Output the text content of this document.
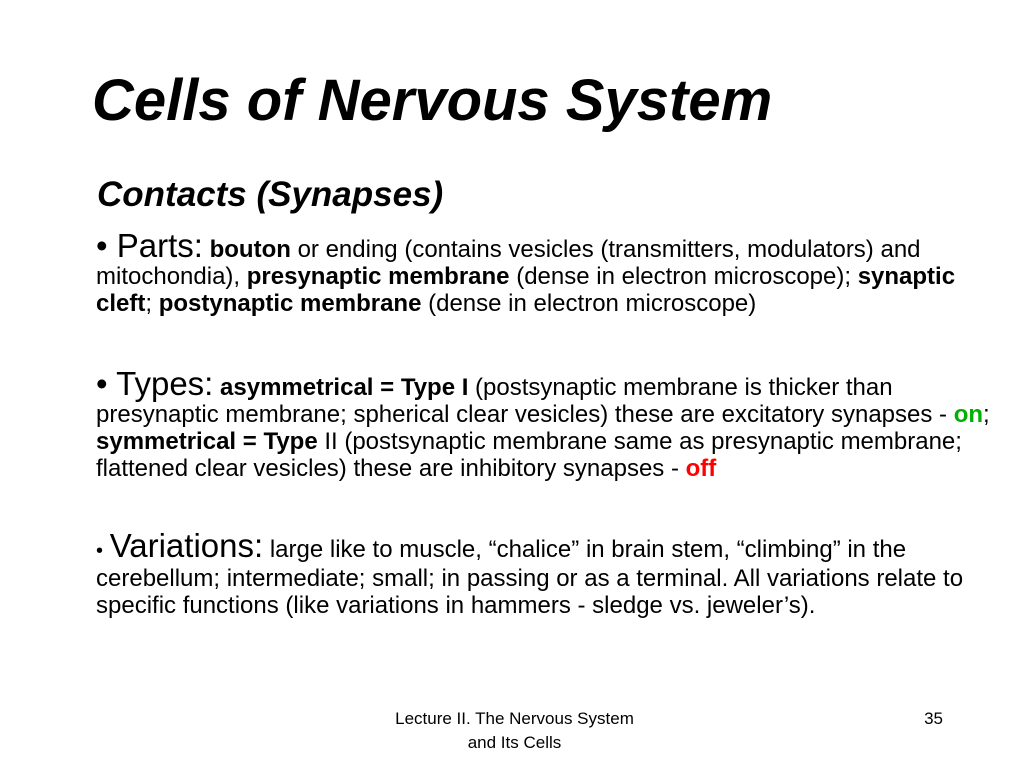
Cells of Nervous System
Contacts (Synapses)
• Parts: bouton or ending (contains vesicles (transmitters, modulators) and mitochondia), presynaptic membrane (dense in electron microscope); synaptic cleft; postynaptic membrane (dense in electron microscope)
• Types: asymmetrical = Type I (postsynaptic membrane is thicker than presynaptic membrane; spherical clear vesicles) these are excitatory synapses - on; symmetrical = Type II (postsynaptic membrane same as presynaptic membrane; flattened clear vesicles) these are inhibitory synapses - off
• Variations: large like to muscle, “chalice” in brain stem, “climbing” in the cerebellum; intermediate; small; in passing or as a terminal. All variations relate to specific functions (like variations in hammers - sledge vs. jeweler’s).
Lecture II. The Nervous System
and Its Cells
35
